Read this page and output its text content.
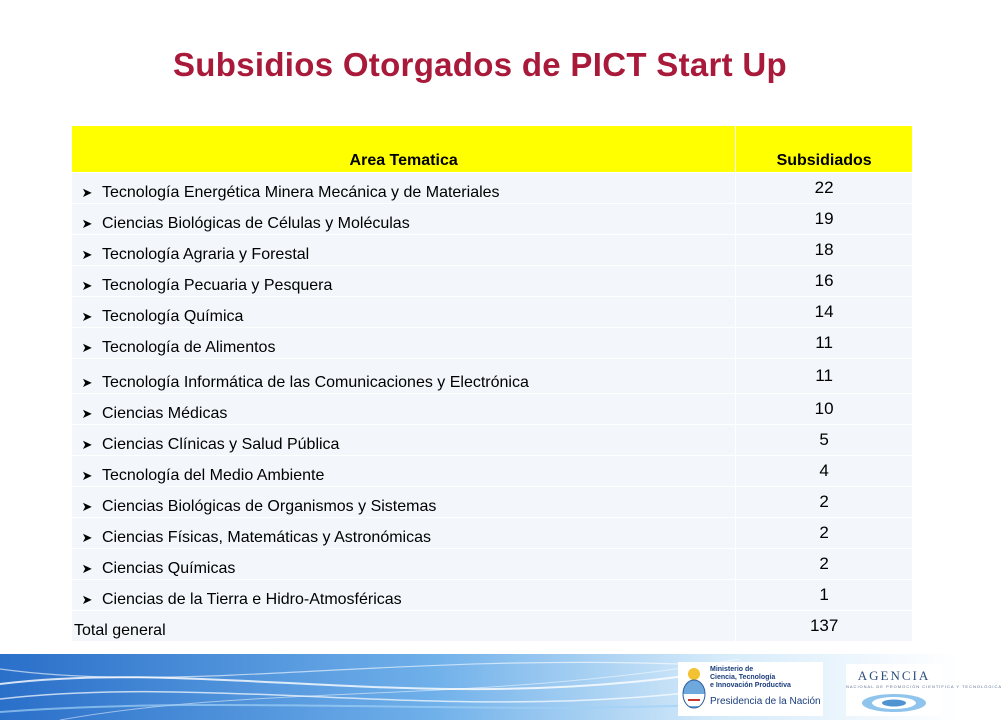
Subsidios Otorgados de PICT Start Up
Area Tematica	Subsidiados
➤ Tecnología Energética Minera Mecánica y de Materiales	22
➤ Ciencias Biológicas de Células y Moléculas	19
➤ Tecnología Agraria y Forestal	18
➤ Tecnología Pecuaria y Pesquera	16
➤ Tecnología Química	14
➤ Tecnología de Alimentos	11
➤ Tecnología Informática de las Comunicaciones y Electrónica	11
➤ Ciencias Médicas	10
➤ Ciencias Clínicas y Salud Pública	5
➤ Tecnología del Medio Ambiente	4
➤ Ciencias Biológicas de Organismos y Sistemas	2
➤ Ciencias Físicas, Matemáticas y Astronómicas	2
➤ Ciencias Químicas	2
➤ Ciencias de la Tierra e Hidro-Atmosféricas	1
Total general	137
Ministerio de
Ciencia, Tecnología
e Innovación Productiva
Presidencia de la Nación
AGENCIA
NACIONAL DE PROMOCIÓN CIENTÍFICA Y TECNOLÓGICA
